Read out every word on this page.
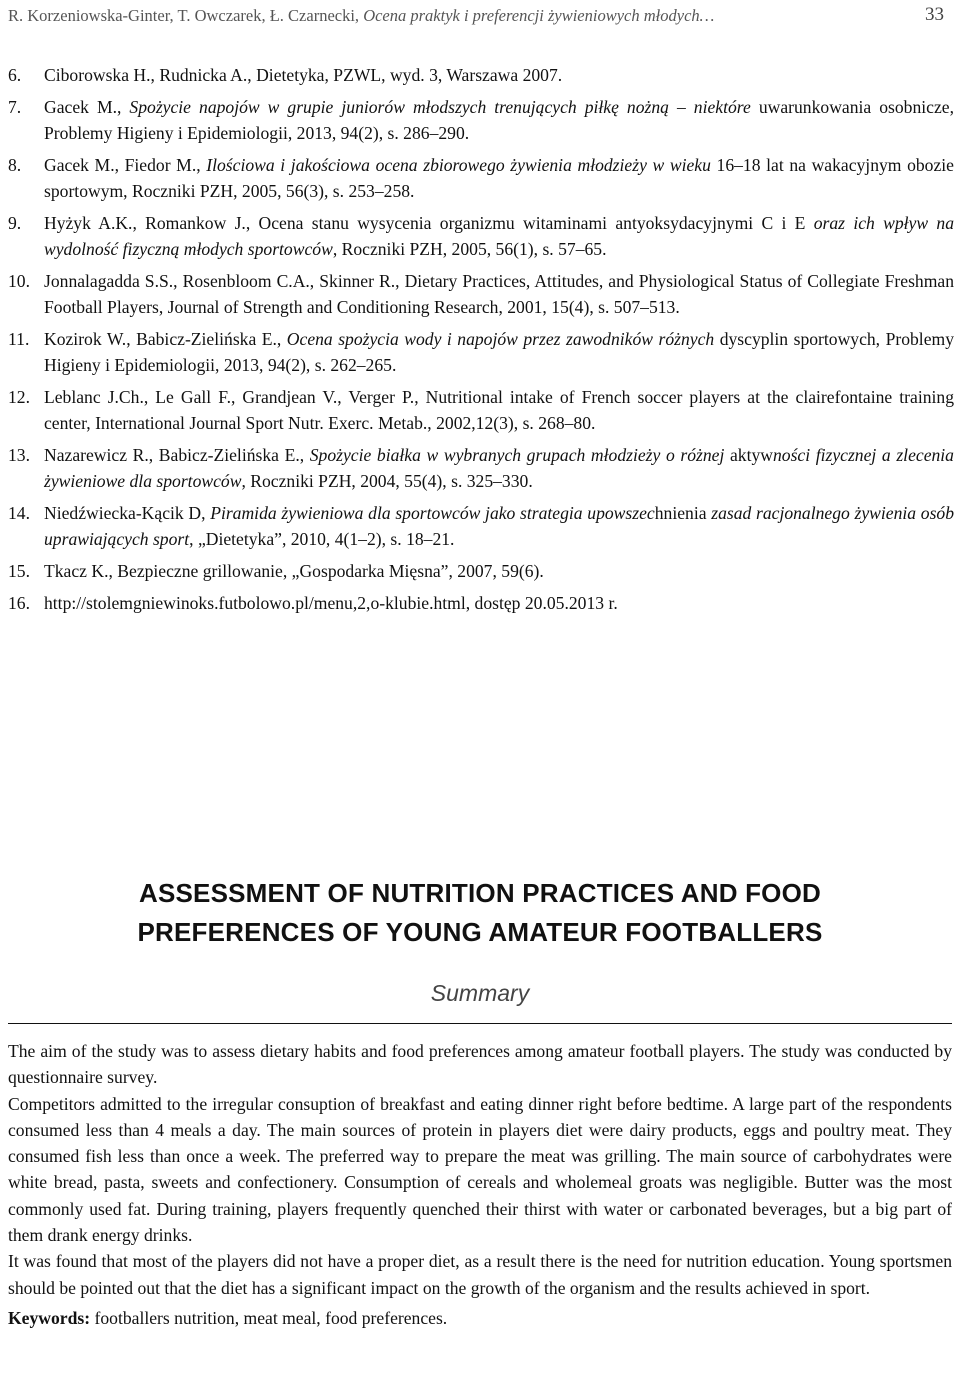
R. Korzeniowska-Ginter, T. Owczarek, Ł. Czarnecki, Ocena praktyk i preferencji żywieniowych młodych…	33
6.	Ciborowska H., Rudnicka A., Dietetyka, PZWL, wyd. 3, Warszawa 2007.
7.	Gacek M., Spożycie napojów w grupie juniorów młodszych trenujących piłkę nożną – niektóre uwarunkowania osobnicze, Problemy Higieny i Epidemiologii, 2013, 94(2), s. 286–290.
8.	Gacek M., Fiedor M., Ilościowa i jakościowa ocena zbiorowego żywienia młodzieży w wieku 16–18 lat na wakacyjnym obozie sportowym, Roczniki PZH, 2005, 56(3), s. 253–258.
9.	Hyżyk A.K., Romankow J., Ocena stanu wysycenia organizmu witaminami antyoksydacyjnymi C i E oraz ich wpływ na wydolność fizyczną młodych sportowców, Roczniki PZH, 2005, 56(1), s. 57–65.
10. Jonnalagadda S.S., Rosenbloom C.A., Skinner R., Dietary Practices, Attitudes, and Physiological Status of Collegiate Freshman Football Players, Journal of Strength and Conditioning Research, 2001, 15(4), s. 507–513.
11. Kozirok W., Babicz-Zielińska E., Ocena spożycia wody i napojów przez zawodników różnych dyscyplin sportowych, Problemy Higieny i Epidemiologii, 2013, 94(2), s. 262–265.
12. Leblanc J.Ch., Le Gall F., Grandjean V., Verger P., Nutritional intake of French soccer players at the clairefontaine training center, International Journal Sport Nutr. Exerc. Metab., 2002,12(3), s. 268–80.
13. Nazarewicz R., Babicz-Zielińska E., Spożycie białka w wybranych grupach młodzieży o różnej aktywności fizycznej a zlecenia żywieniowe dla sportowców, Roczniki PZH, 2004, 55(4), s. 325–330.
14. Niedźwiecka-Kącik D, Piramida żywieniowa dla sportowców jako strategia upowszechnienia zasad racjonalnego żywienia osób uprawiających sport, „Dietetyka”, 2010, 4(1–2), s. 18–21.
15. Tkacz K., Bezpieczne grillowanie, „Gospodarka Mięsna”, 2007, 59(6).
16. http://stolemgniewinoks.futbolowo.pl/menu,2,o-klubie.html, dostęp 20.05.2013 r.
ASSESSMENT OF NUTRITION PRACTICES AND FOOD
PREFERENCES OF YOUNG AMATEUR FOOTBALLERS
Summary

The aim of the study was to assess dietary habits and food preferences among amateur football players. The study was conducted by questionnaire survey.

Competitors admitted to the irregular consuption of breakfast and eating dinner right before bedtime. A large part of the respondents consumed less than 4 meals a day. The main sources of protein in players diet were dairy products, eggs and poultry meat. They consumed fish less than once a week. The preferred way to prepare the meat was grilling. The main source of carbohydrates were white bread, pasta, sweets and confectionery. Consumption of cereals and wholemeal groats was negligible. Butter was the most commonly used fat. During training, players frequently quenched their thirst with water or carbonated beverages, but a big part of them drank energy drinks.

It was found that most of the players did not have a proper diet, as a result there is the need for nutrition education. Young sportsmen should be pointed out that the diet has a significant impact on the growth of the organism and the results achieved in sport.

Keywords: footballers nutrition, meat meal, food preferences.
